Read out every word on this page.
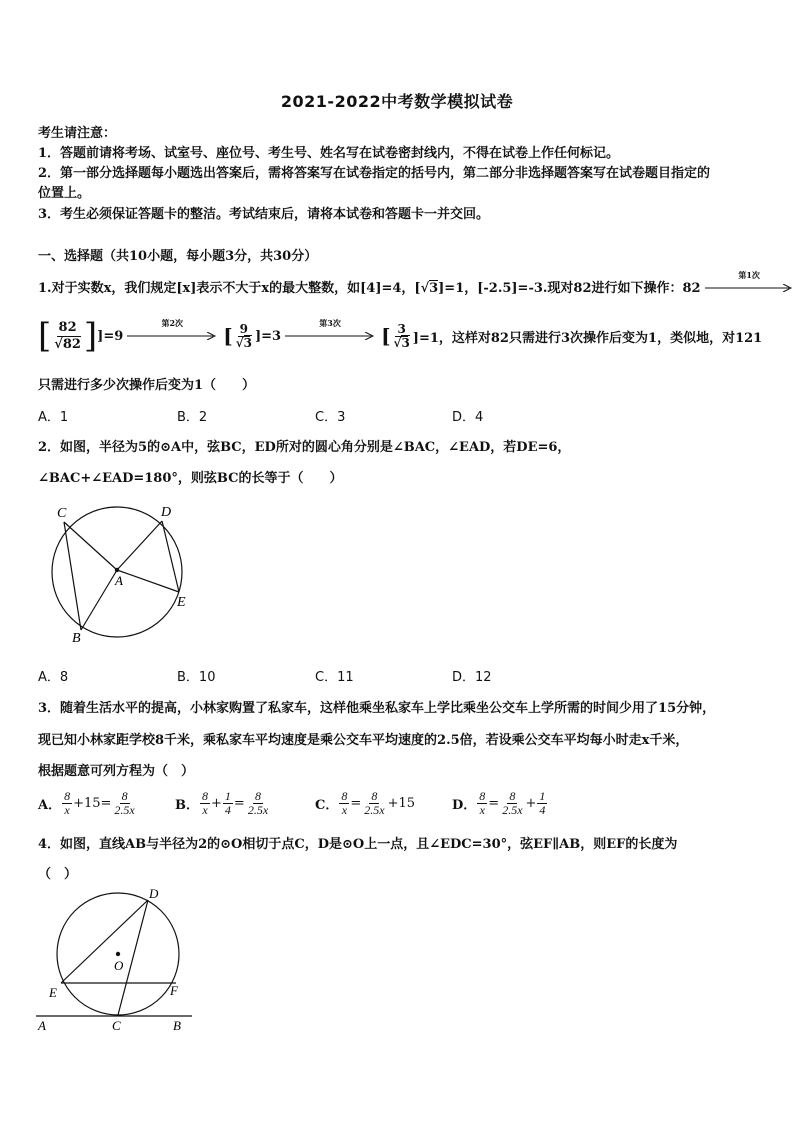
2021-2022中考数学模拟试卷
考生请注意：
1．答题前请将考场、试室号、座位号、考生号、姓名写在试卷密封线内，不得在试卷上作任何标记。
2．第一部分选择题每小题选出答案后，需将答案写在试卷指定的括号内，第二部分非选择题答案写在试卷题目指定的
位置上。
3．考生必须保证答题卡的整洁。考试结束后，请将本试卷和答题卡一并交回。
一、选择题（共10小题，每小题3分，共30分）
1.对于实数x，我们规定[x]表示不大于x的最大整数，如[4]=4，[√3]=1，[-2.5]=-3.现对82进行如下操作：82
第1次
[ $\frac{82}{√82}$ ] ]=9
第2次
[ $\frac{9}{√3} ]=3$
第3次
[ $\frac{3}{√3} ]=1$，这样对82只需进行3次操作后变为1，类似地，对121
只需进行多少次操作后变为1（　　）
A．1	B．2	C．3	D．4
2．如图，半径为5的⊙A中，弦BC，ED所对的圆心角分别是∠BAC，∠EAD，若DE=6，
∠BAC+∠EAD=180°，则弦BC的长等于（　　）
C	D
A
E
B
A．8	B．10	C．11	D．12
3．随着生活水平的提高，小林家购置了私家车，这样他乘坐私家车上学比乘坐公交车上学所需的时间少用了15分钟，
现已知小林家距学校8千米，乘私家车平均速度是乘公交车平均速度的2.5倍，若设乘公交车平均每小时走x千米，
根据题意可列方程为（　）
A． $\frac{8}{x} +15= \frac{8}{2.5x}$	B． $\frac{8}{x} + \frac{1}{4} = \frac{8}{2.5x}$	C． $\frac{8}{x} = \frac{8}{2.5x} +15$	D． $\frac{8}{x} = \frac{8}{2.5x} + \frac{1}{4}$
4．如图，直线AB与半径为2的⊙O相切于点C，D是⊙O上一点，且∠EDC=30°，弦EF∥AB，则EF的长度为
（　）
D
O
E	F
A	C	B
